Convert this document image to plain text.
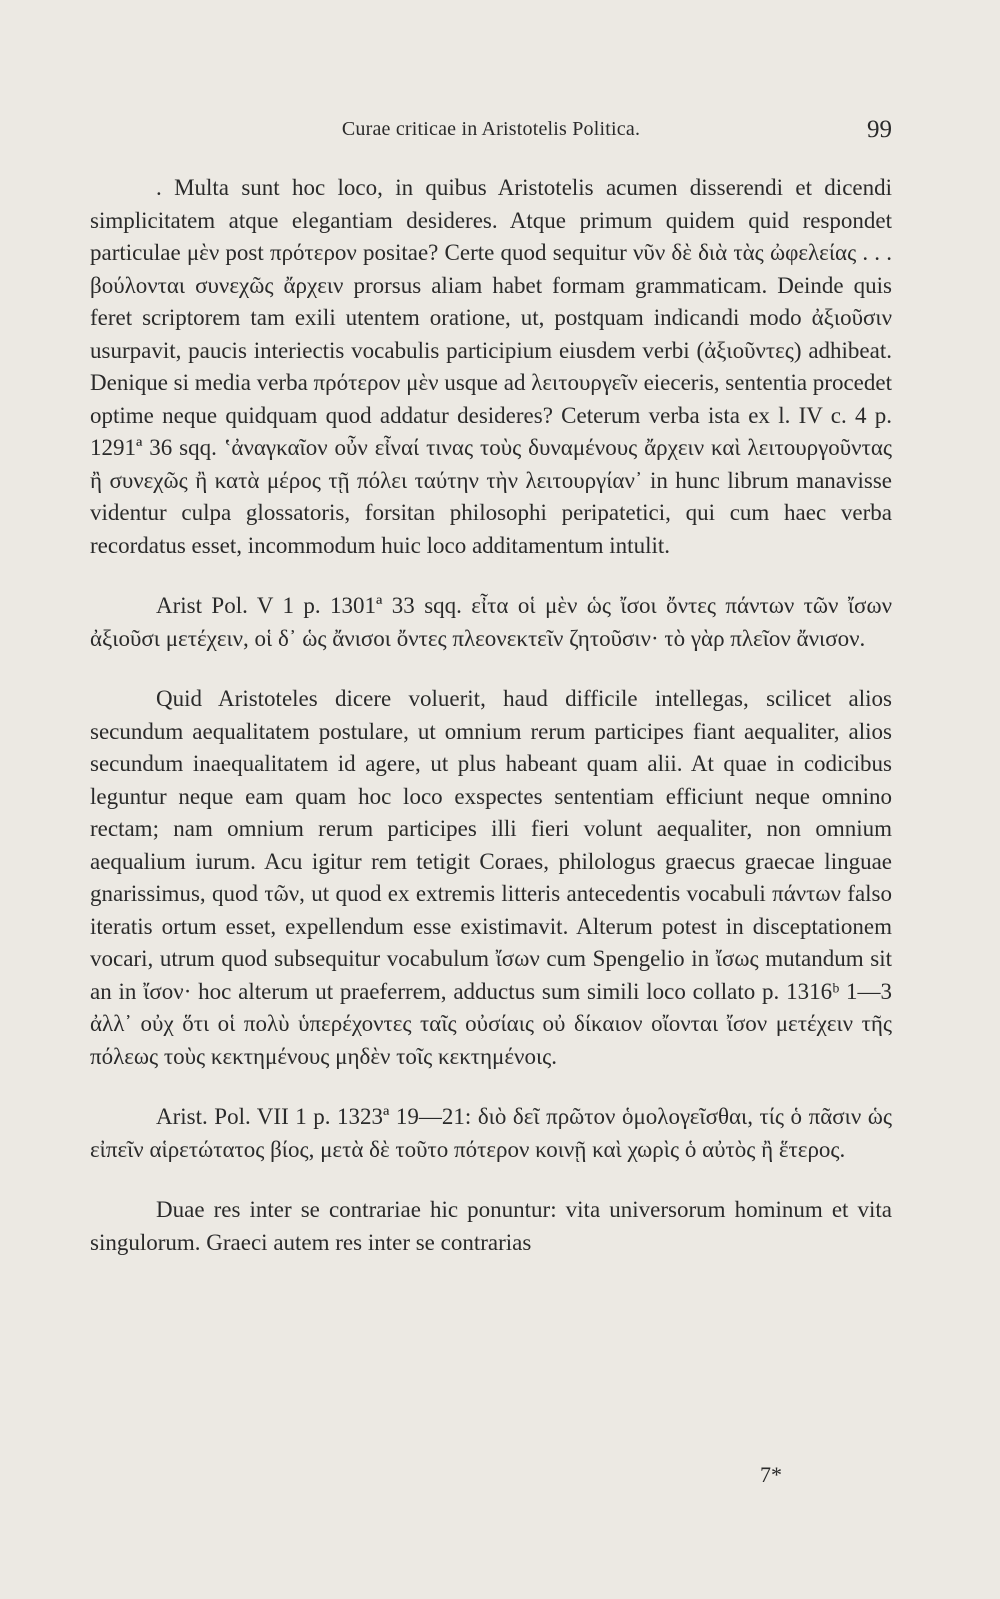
Curae criticae in Aristotelis Politica.	99

. Multa sunt hoc loco, in quibus Aristotelis acumen disserendi et dicendi simplicitatem atque elegantiam desideres. Atque primum quidem quid respondet particulae μὲν post πρότερον positae? Certe quod sequitur νῦν δὲ διὰ τὰς ὠφελείας . . . βούλονται συνεχῶς ἄρχειν prorsus aliam habet formam grammaticam. Deinde quis feret scriptorem tam exili utentem oratione, ut, postquam indicandi modo ἀξιοῦσιν usurpavit, paucis interiectis vocabulis participium eiusdem verbi (ἀξιοῦντες) adhibeat. Denique si media verba πρότερον μὲν usque ad λειτουργεῖν eieceris, sententia procedet optime neque quidquam quod addatur desideres? Ceterum verba ista ex l. IV c. 4 p. 1291ª 36 sqq. ʽἀναγκαῖον οὖν εἶναί τινας τοὺς δυναμένους ἄρχειν καὶ λειτουργοῦντας ἢ συνεχῶς ἢ κατὰ μέρος τῇ πόλει ταύτην τὴν λειτουργίαν᾽ in hunc librum manavisse videntur culpa glossatoris, forsitan philosophi peripatetici, qui cum haec verba recordatus esset, incommodum huic loco additamentum intulit.

Arist Pol. V 1 p. 1301ª 33 sqq. εἶτα οἱ μὲν ὡς ἴσοι ὄντες πάντων τῶν ἴσων ἀξιοῦσι μετέχειν, οἱ δ᾽ ὡς ἄνισοι ὄντες πλεονεκτεῖν ζητοῦσιν· τὸ γὰρ πλεῖον ἄνισον.

Quid Aristoteles dicere voluerit, haud difficile intellegas, scilicet alios secundum aequalitatem postulare, ut omnium rerum participes fiant aequaliter, alios secundum inaequalitatem id agere, ut plus habeant quam alii. At quae in codicibus leguntur neque eam quam hoc loco exspectes sententiam efficiunt neque omnino rectam; nam omnium rerum participes illi fieri volunt aequaliter, non omnium aequalium iurum. Acu igitur rem tetigit Coraes, philologus graecus graecae linguae gnarissimus, quod τῶν, ut quod ex extremis litteris antecedentis vocabuli πάντων falso iteratis ortum esset, expellendum esse existimavit. Alterum potest in disceptationem vocari, utrum quod subsequitur vocabulum ἴσων cum Spengelio in ἴσως mutandum sit an in ἴσον· hoc alterum ut praeferrem, adductus sum simili loco collato p. 1316ᵇ 1—3 ἀλλ᾽ οὐχ ὅτι οἱ πολὺ ὑπερέχοντες ταῖς οὐσίαις οὐ δίκαιον οἴονται ἴσον μετέχειν τῆς πόλεως τοὺς κεκτημένους μηδὲν τοῖς κεκτημένοις.

Arist. Pol. VII 1 p. 1323ª 19—21: διὸ δεῖ πρῶτον ὁμολογεῖσθαι, τίς ὁ πᾶσιν ὡς εἰπεῖν αἱρετώτατος βίος, μετὰ δὲ τοῦτο πότερον κοινῇ καὶ χωρὶς ὁ αὐτὸς ἢ ἕτερος.

Duae res inter se contrariae hic ponuntur: vita universorum hominum et vita singulorum. Graeci autem res inter se contrarias

7*
